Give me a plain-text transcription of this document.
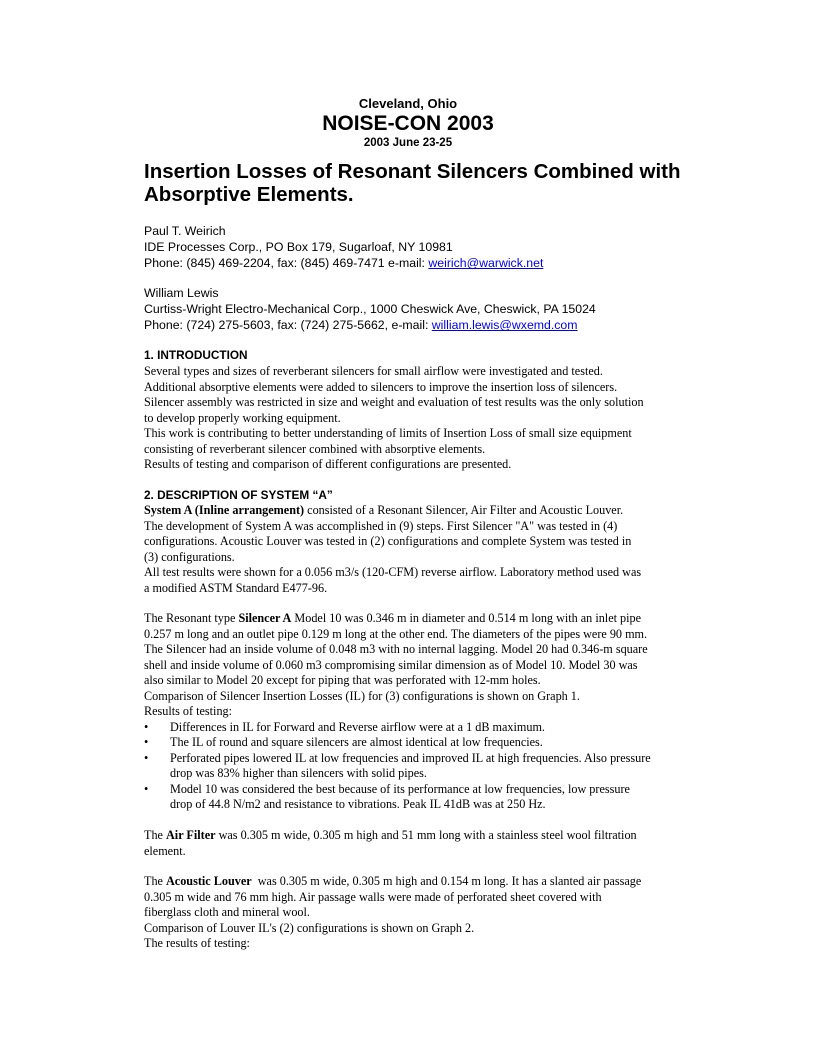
Cleveland, Ohio
NOISE-CON 2003
2003 June 23-25
Insertion Losses of Resonant Silencers Combined with Absorptive Elements.
Paul T. Weirich
IDE Processes Corp., PO Box 179, Sugarloaf, NY 10981
Phone: (845) 469-2204, fax: (845) 469-7471 e-mail: weirich@warwick.net
William Lewis
Curtiss-Wright Electro-Mechanical Corp., 1000 Cheswick Ave, Cheswick, PA 15024
Phone: (724) 275-5603, fax: (724) 275-5662, e-mail: william.lewis@wxemd.com
1. INTRODUCTION
Several types and sizes of reverberant silencers for small airflow were investigated and tested.
Additional absorptive elements were added to silencers to improve the insertion loss of silencers.
Silencer assembly was restricted in size and weight and evaluation of test results was the only solution
to develop properly working equipment.
This work is contributing to better understanding of limits of Insertion Loss of small size equipment
consisting of reverberant silencer combined with absorptive elements.
Results of testing and comparison of different configurations are presented.
2. DESCRIPTION OF SYSTEM “A”
System A (Inline arrangement) consisted of a Resonant Silencer, Air Filter and Acoustic Louver.
The development of System A was accomplished in (9) steps. First Silencer "A" was tested in (4)
configurations. Acoustic Louver was tested in (2) configurations and complete System was tested in
(3) configurations.
All test results were shown for a 0.056 m3/s (120-CFM) reverse airflow. Laboratory method used was
a modified ASTM Standard E477-96.
The Resonant type Silencer A Model 10 was 0.346 m in diameter and 0.514 m long with an inlet pipe
0.257 m long and an outlet pipe 0.129 m long at the other end. The diameters of the pipes were 90 mm.
The Silencer had an inside volume of 0.048 m3 with no internal lagging. Model 20 had 0.346-m square
shell and inside volume of 0.060 m3 compromising similar dimension as of Model 10. Model 30 was
also similar to Model 20 except for piping that was perforated with 12-mm holes.
Comparison of Silencer Insertion Losses (IL) for (3) configurations is shown on Graph 1.
Results of testing:
• Differences in IL for Forward and Reverse airflow were at a 1 dB maximum.
• The IL of round and square silencers are almost identical at low frequencies.
• Perforated pipes lowered IL at low frequencies and improved IL at high frequencies. Also pressure
drop was 83% higher than silencers with solid pipes.
• Model 10 was considered the best because of its performance at low frequencies, low pressure
drop of 44.8 N/m2 and resistance to vibrations. Peak IL 41dB was at 250 Hz.
The Air Filter was 0.305 m wide, 0.305 m high and 51 mm long with a stainless steel wool filtration
element.
The Acoustic Louver  was 0.305 m wide, 0.305 m high and 0.154 m long. It has a slanted air passage
0.305 m wide and 76 mm high. Air passage walls were made of perforated sheet covered with
fiberglass cloth and mineral wool.
Comparison of Louver IL's (2) configurations is shown on Graph 2.
The results of testing:
